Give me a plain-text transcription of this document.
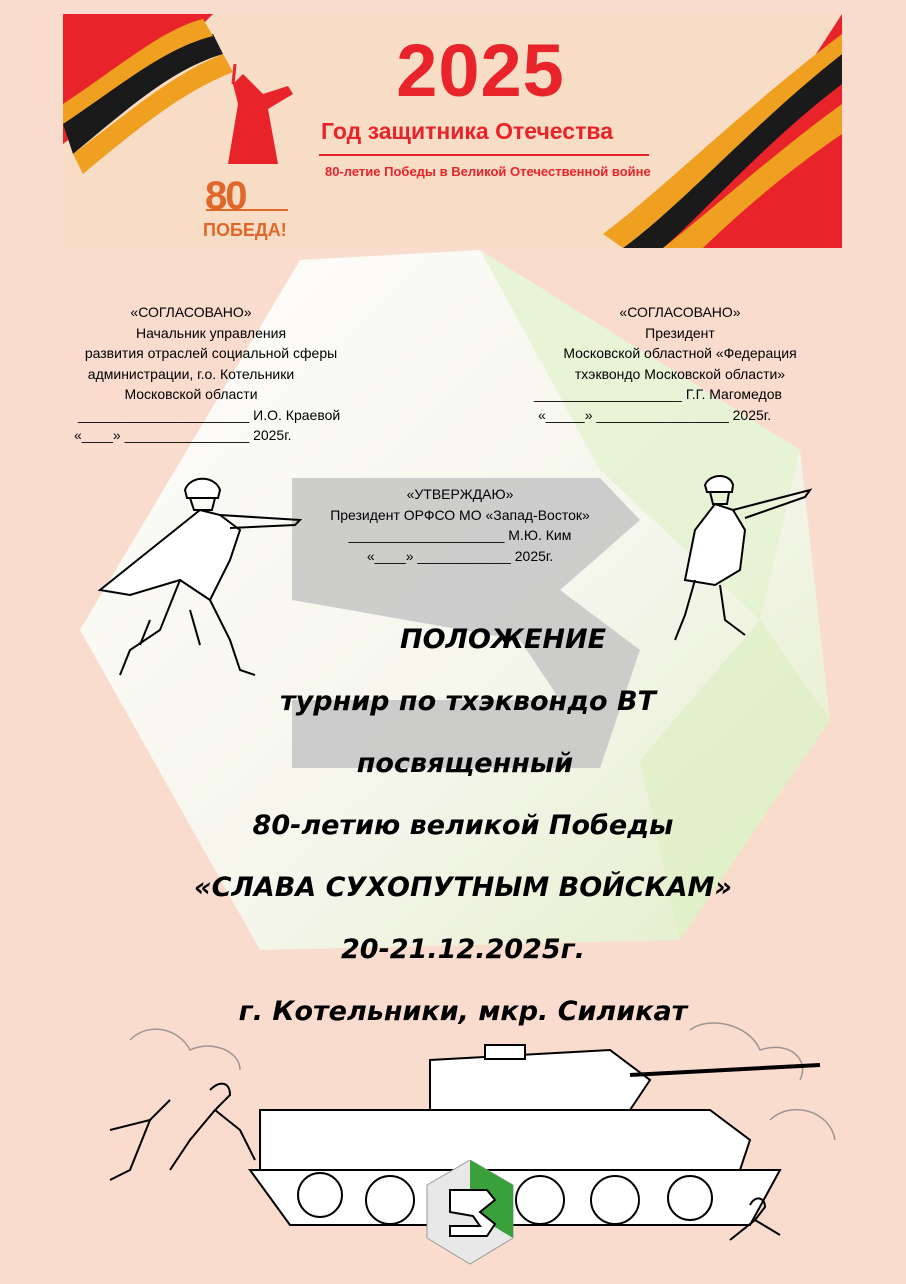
2025
Год защитника Отечества
80-летие Победы в Великой Отечественной войне
80
ПОБЕДА!
«СОГЛАСОВАНО»
Начальник управления
развития отраслей социальной сферы
администрации, г.о. Котельники
Московской области
______________________ И.О. Краевой
«____» ________________ 2025г.
«СОГЛАСОВАНО»
Президент
Московской областной «Федерация
тхэквондо Московской области»
___________________ Г.Г. Магомедов
«_____» _________________ 2025г.
«УТВЕРЖДАЮ»
Президент ОРФСО МО «Запад-Восток»
____________________ М.Ю. Ким
«____» ____________ 2025г.
ПОЛОЖЕНИЕ
турнир по тхэквондо ВТ
посвященный
80-летию великой Победы
«СЛАВА СУХОПУТНЫМ ВОЙСКАМ»
20-21.12.2025г.
г. Котельники, мкр. Силикат
